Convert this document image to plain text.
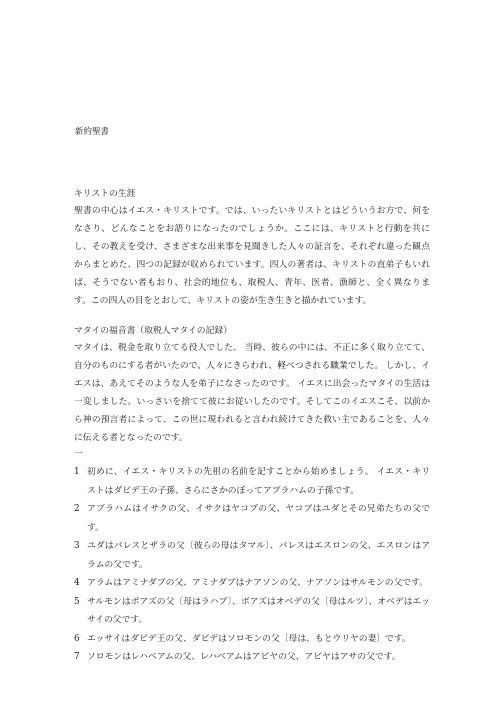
新約聖書
キリストの生涯

聖書の中心はイエス・キリストです。では、いったいキリストとはどういうお方で、何をなさり、どんなことをお語りになったのでしょうか。ここには、キリストと行動を共にし、その教えを受け、さまざまな出来事を見聞きした人々の証言を、それぞれ違った観点からまとめた、四つの記録が収められています。四人の著者は、キリストの直弟子もいれば、そうでない者もおり、社会的地位も、取税人、青年、医者、漁師と、全く異なります。この四人の目をとおして、キリストの姿が生き生きと描かれています。

マタイの福音書（取税人マタイの記録）

マタイは、税金を取り立てる役人でした。 当時、彼らの中には、不正に多く取り立てて、自分のものにする者がいたので、人々にきらわれ、軽べつされる職業でした。 しかし、イエスは、あえてそのような人を弟子になさったのです。 イエスに出会ったマタイの生活は一変しました。いっさいを捨てて彼にお従いしたのです。そしてこのイエスこそ、以前から神の預言者によって、この世に現われると言われ続けてきた救い主であることを、人々に伝える者となったのです。

一

1 初めに、イエス・キリストの先祖の名前を記すことから始めましょう。 イエス・キリストはダビデ王の子孫、さらにさかのぼってアブラハムの子孫です。
2 アブラハムはイサクの父、イサクはヤコブの父、ヤコブはユダとその兄弟たちの父です。
3 ユダはパレスとザラの父〔彼らの母はタマル〕、パレスはエスロンの父、エスロンはアラムの父です。
4 アラムはアミナダブの父、アミナダブはナアソンの父、ナアソンはサルモンの父です。
5 サルモンはボアズの父〔母はラハブ〕、ボアズはオベデの父〔母はルツ〕、オベデはエッサイの父です。
6 エッサイはダビデ王の父、ダビデはソロモンの父〔母は、もとウリヤの妻〕です。
7 ソロモンはレハベアムの父、レハベアムはアビヤの父、アビヤはアサの父です。
